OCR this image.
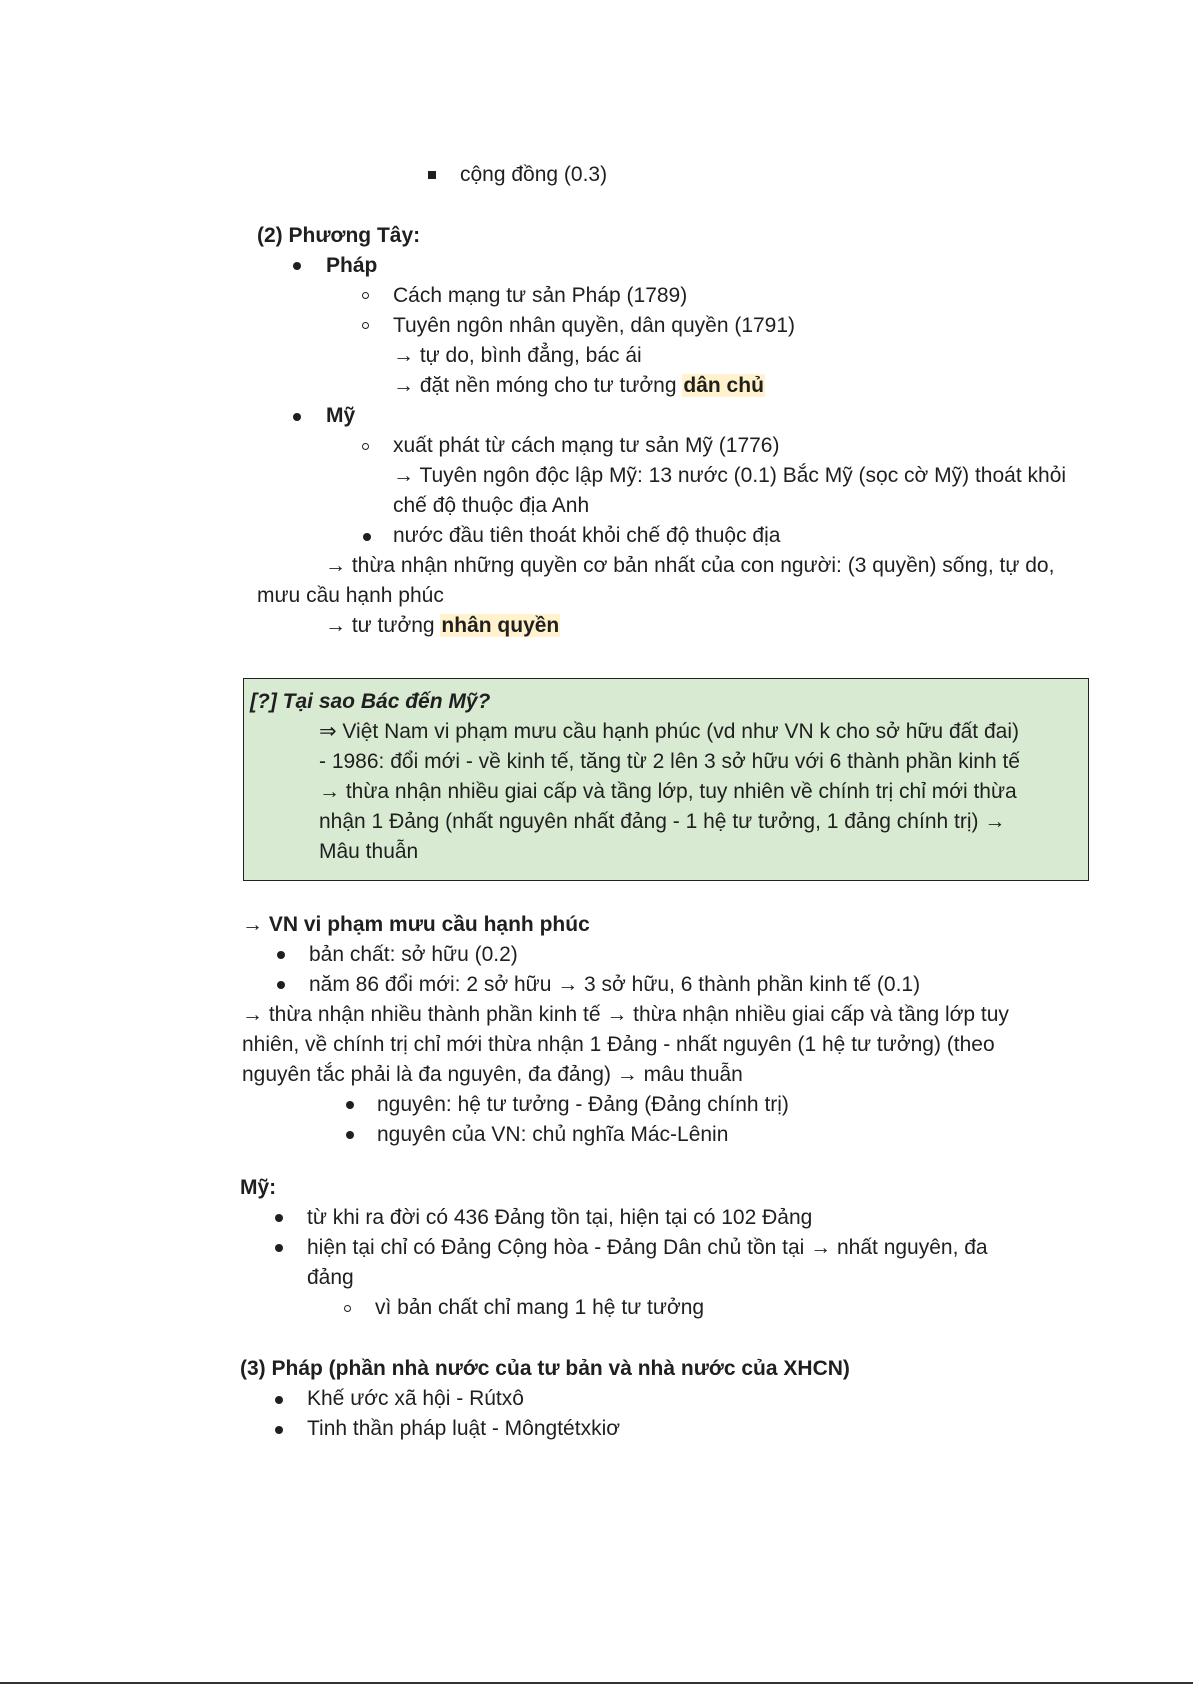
cộng đồng (0.3)
(2) Phương Tây:
Pháp
Cách mạng tư sản Pháp (1789)
Tuyên ngôn nhân quyền, dân quyền (1791)
→ tự do, bình đẳng, bác ái
→ đặt nền móng cho tư tưởng dân chủ
Mỹ
xuất phát từ cách mạng tư sản Mỹ (1776)
→ Tuyên ngôn độc lập Mỹ: 13 nước (0.1) Bắc Mỹ (sọc cờ Mỹ) thoát khỏi
chế độ thuộc địa Anh
nước đầu tiên thoát khỏi chế độ thuộc địa
→ thừa nhận những quyền cơ bản nhất của con người: (3 quyền) sống, tự do,
mưu cầu hạnh phúc
→ tư tưởng nhân quyền
[?] Tại sao Bác đến Mỹ?
⇒ Việt Nam vi phạm mưu cầu hạnh phúc (vd như VN k cho sở hữu đất đai)
- 1986: đổi mới - về kinh tế, tăng từ 2 lên 3 sở hữu với 6 thành phần kinh tế
→ thừa nhận nhiều giai cấp và tầng lớp, tuy nhiên về chính trị chỉ mới thừa
nhận 1 Đảng (nhất nguyên nhất đảng - 1 hệ tư tưởng, 1 đảng chính trị) →
Mâu thuẫn
→ VN vi phạm mưu cầu hạnh phúc
bản chất: sở hữu (0.2)
năm 86 đổi mới: 2 sở hữu → 3 sở hữu, 6 thành phần kinh tế (0.1)
→ thừa nhận nhiều thành phần kinh tế → thừa nhận nhiều giai cấp và tầng lớp tuy
nhiên, về chính trị chỉ mới thừa nhận 1 Đảng - nhất nguyên (1 hệ tư tưởng) (theo
nguyên tắc phải là đa nguyên, đa đảng) → mâu thuẫn
nguyên: hệ tư tưởng - Đảng (Đảng chính trị)
nguyên của VN: chủ nghĩa Mác-Lênin
Mỹ:
từ khi ra đời có 436 Đảng tồn tại, hiện tại có 102 Đảng
hiện tại chỉ có Đảng Cộng hòa - Đảng Dân chủ tồn tại → nhất nguyên, đa
đảng
vì bản chất chỉ mang 1 hệ tư tưởng
(3) Pháp (phần nhà nước của tư bản và nhà nước của XHCN)
Khế ước xã hội - Rútxô
Tinh thần pháp luật - Môngtétxkiơ
